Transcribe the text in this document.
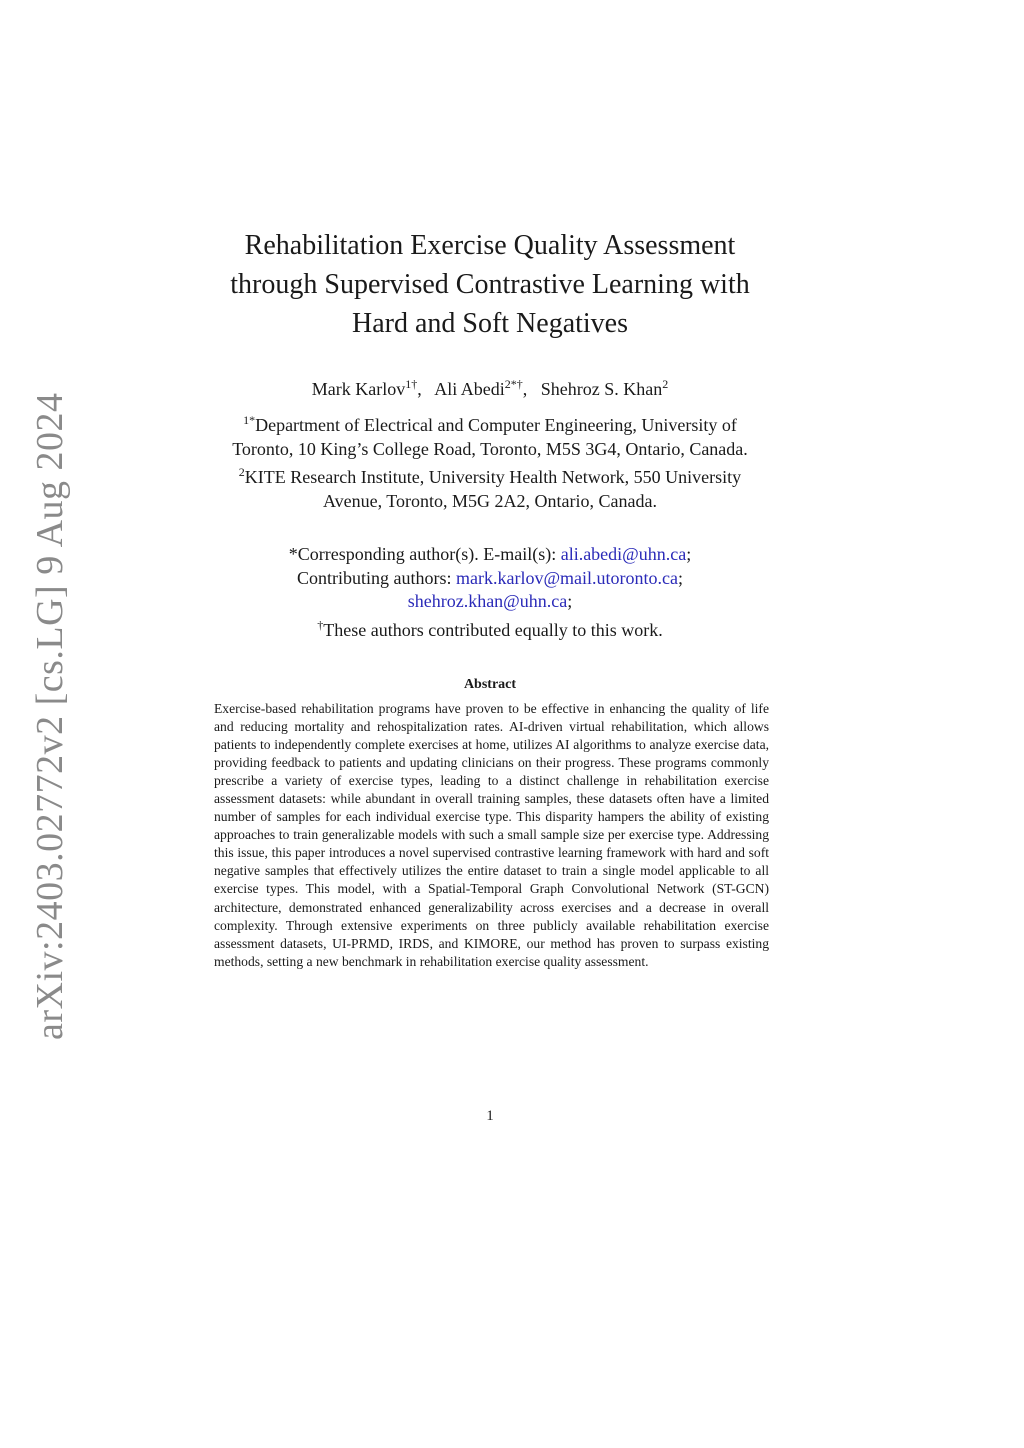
arXiv:2403.02772v2 [cs.LG] 9 Aug 2024
Rehabilitation Exercise Quality Assessment
through Supervised Contrastive Learning with
Hard and Soft Negatives
Mark Karlov$^{1\dagger}$,   Ali Abedi$^{2*\dagger}$,   Shehroz S. Khan$^2$
$^{1*}$Department of Electrical and Computer Engineering, University of
Toronto, 10 King’s College Road, Toronto, M5S 3G4, Ontario, Canada.
$^2$KITE Research Institute, University Health Network, 550 University
Avenue, Toronto, M5G 2A2, Ontario, Canada.
*Corresponding author(s). E-mail(s): ali.abedi@uhn.ca;
Contributing authors: mark.karlov@mail.utoronto.ca;
shehroz.khan@uhn.ca;
†These authors contributed equally to this work.
Abstract

Exercise-based rehabilitation programs have proven to be effective in enhancing the quality of life and reducing mortality and rehospitalization rates. AI-driven virtual rehabilitation, which allows patients to independently complete exercises at home, utilizes AI algorithms to analyze exercise data, providing feedback to patients and updating clinicians on their progress. These programs commonly prescribe a variety of exercise types, leading to a distinct challenge in rehabilitation exercise assessment datasets: while abundant in overall training samples, these datasets often have a limited number of samples for each individual exercise type. This disparity hampers the ability of existing approaches to train generalizable models with such a small sample size per exercise type. Addressing this issue, this paper introduces a novel supervised contrastive learning framework with hard and soft negative samples that effectively utilizes the entire dataset to train a single model applicable to all exercise types. This model, with a Spatial-Temporal Graph Convolutional Network (ST-GCN) architecture, demonstrated enhanced generalizability across exercises and a decrease in overall complexity. Through extensive experiments on three publicly available rehabilitation exercise assessment datasets, UI-PRMD, IRDS, and KIMORE, our method has proven to surpass existing methods, setting a new benchmark in rehabilitation exercise quality assessment.

1
